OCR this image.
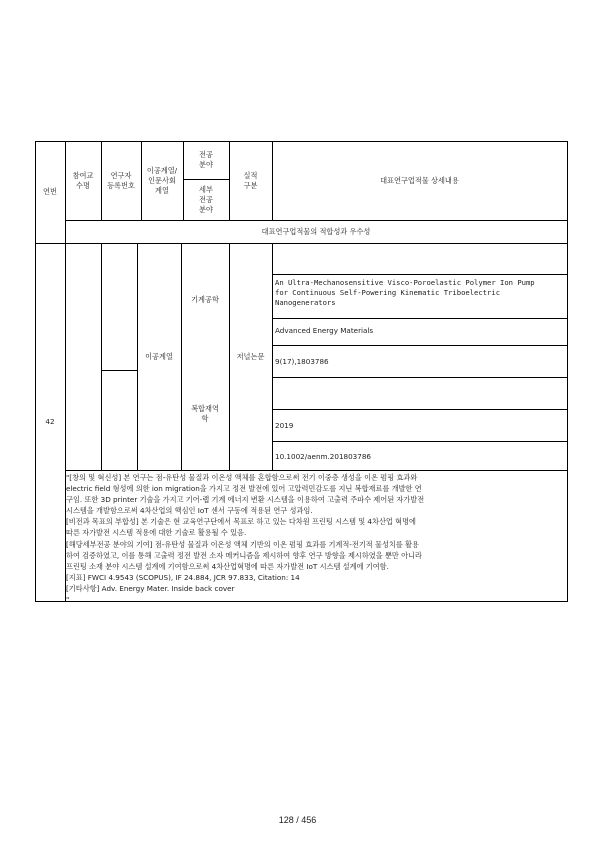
연번
참여교
수명
연구자
등록번호
이공계열/
인문사회
계열
전공
분야
세부
전공
분야
실적
구분
대표연구업적물 상세내용
대표연구업적물의 적합성과 우수성
42
이공계열
기계공학
복합재역
학
저널논문
An Ultra-Mechanosensitive Visco-Poroelastic Polymer Ion Pump
for Continuous Self-Powering Kinematic Triboelectric
Nanogenerators
Advanced Energy Materials
9(17),1803786
2019
10.1002/aenm.201803786
"[창의 및 혁신성] 본 연구는 점-유탄성 물질과 이온성 액체를 혼합함으로써 전기 이중층 생성을 이온 펌핑 효과와
electric field 형성에 의한 ion migration을 가지고 정전 발전에 있어 고압력민감도를 지닌 복합재료를 개발한 연
구임. 또한 3D printer 기술을 가지고 기어-랩 기계 에너지 변환 시스템을 이용하여 고출력 주파수 제어된 자가발전
시스템을 개발함으로써 4차산업의 핵심인 IoT 센서 구동에 적용된 연구 성과임.
[비전과 목표의 부합성] 본 기술은 현 교육연구단에서 목표로 하고 있는 다차원 프린팅 시스템 및 4차산업 혁명에
따른 자가발전 시스템 적용에 대한 기술로 활용될 수 있음.
[해당세부전공 분야의 기여] 점-유탄성 물질과 이온성 액체 기반의 이온 펌핑 효과를 기계적-전기적 물성치를 활용
하여 검증하였고, 이를 통해 고출력 정전 발전 소자 메커니즘을 제시하여 향후 연구 방향을 제시하였을 뿐만 아니라
프린팅 소재 분야 시스템 설계에 기여함으로써 4차산업혁명에 따른 자가발전 IoT 시스템 설계에 기여함.
[지표] FWCI 4.9543 (SCOPUS), IF 24.884, JCR 97.833, Citation: 14
[기타사항] Adv. Energy Mater. Inside back cover
"
128 / 456
